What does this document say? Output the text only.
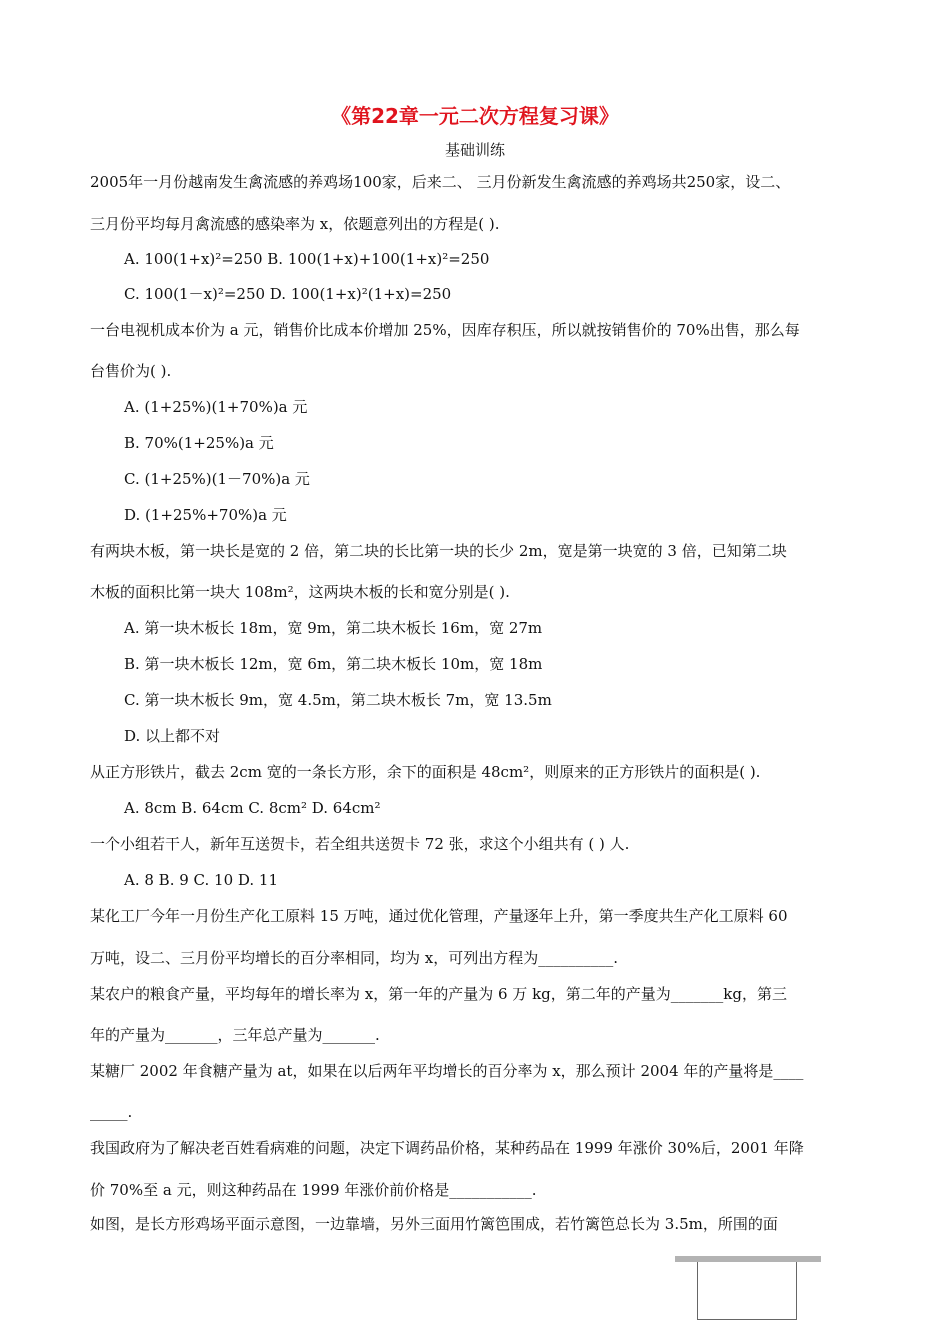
《第22章一元二次方程复习课》
基础训练
2005年一月份越南发生禽流感的养鸡场100家，后来二、 三月份新发生禽流感的养鸡场共250家，设二、
三月份平均每月禽流感的感染率为 x，依题意列出的方程是( ).
A. 100(1+x)²=250 B. 100(1+x)+100(1+x)²=250
C. 100(1－x)²=250 D. 100(1+x)²(1+x)=250
一台电视机成本价为 a 元，销售价比成本价增加 25%，因库存积压，所以就按销售价的 70%出售，那么每
台售价为( ).
A. (1+25%)(1+70%)a 元
B. 70%(1+25%)a 元
C. (1+25%)(1－70%)a 元
D. (1+25%+70%)a 元
有两块木板，第一块长是宽的 2 倍，第二块的长比第一块的长少 2m，宽是第一块宽的 3 倍，已知第二块
木板的面积比第一块大 108m²，这两块木板的长和宽分别是( ).
A. 第一块木板长 18m，宽 9m，第二块木板长 16m，宽 27m
B. 第一块木板长 12m，宽 6m，第二块木板长 10m，宽 18m
C. 第一块木板长 9m，宽 4.5m，第二块木板长 7m，宽 13.5m
D. 以上都不对
从正方形铁片，截去 2cm 宽的一条长方形，余下的面积是 48cm²，则原来的正方形铁片的面积是( ).
A. 8cm B. 64cm C. 8cm² D. 64cm²
一个小组若干人，新年互送贺卡，若全组共送贺卡 72 张，求这个小组共有 ( ) 人.
A. 8 B. 9 C. 10 D. 11
某化工厂今年一月份生产化工原料 15 万吨，通过优化管理，产量逐年上升，第一季度共生产化工原料 60
万吨，设二、三月份平均增长的百分率相同，均为 x，可列出方程为__________.
某农户的粮食产量，平均每年的增长率为 x，第一年的产量为 6 万 kg，第二年的产量为_______kg，第三
年的产量为_______，三年总产量为_______.
某糖厂 2002 年食糖产量为 at，如果在以后两年平均增长的百分率为 x，那么预计 2004 年的产量将是____
_____.
我国政府为了解决老百姓看病难的问题，决定下调药品价格，某种药品在 1999 年涨价 30%后，2001 年降
价 70%至 a 元，则这种药品在 1999 年涨价前价格是___________.
如图，是长方形鸡场平面示意图，一边靠墙，另外三面用竹篱笆围成，若竹篱笆总长为 3.5m，所围的面
